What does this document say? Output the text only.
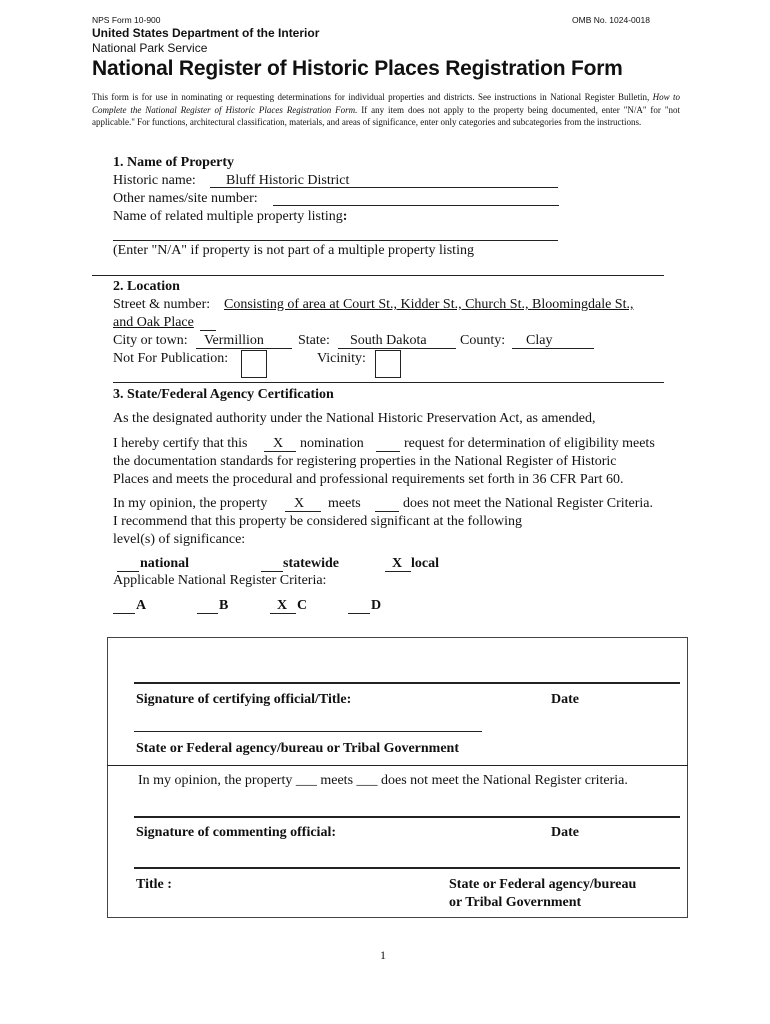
NPS Form 10-900	OMB No. 1024-0018
United States Department of the Interior
National Park Service
National Register of Historic Places Registration Form
This form is for use in nominating or requesting determinations for individual properties and districts. See instructions in National Register Bulletin, How to Complete the National Register of Historic Places Registration Form. If any item does not apply to the property being documented, enter "N/A" for "not applicable." For functions, architectural classification, materials, and areas of significance, enter only categories and subcategories from the instructions.
1. Name of Property
Historic name: Bluff Historic District
Other names/site number:
Name of related multiple property listing:
(Enter "N/A" if property is not part of a multiple property listing
2. Location
Street & number: Consisting of area at Court St., Kidder St., Church St., Bloomingdale St.,
and Oak Place
City or town: Vermillion State: South Dakota County: Clay
Not For Publication:	Vicinity:
3. State/Federal Agency Certification
As the designated authority under the National Historic Preservation Act, as amended,
I hereby certify that this X nomination	request for determination of eligibility meets
the documentation standards for registering properties in the National Register of Historic
Places and meets the procedural and professional requirements set forth in 36 CFR Part 60.
In my opinion, the property X meets	does not meet the National Register Criteria.
I recommend that this property be considered significant at the following
level(s) of significance:
national	statewide	X local
Applicable National Register Criteria:
A	B	X C	D
Signature of certifying official/Title:	Date
State or Federal agency/bureau or Tribal Government
In my opinion, the property ___ meets ___ does not meet the National Register criteria.
Signature of commenting official:	Date
Title :	State or Federal agency/bureau
or Tribal Government
1
